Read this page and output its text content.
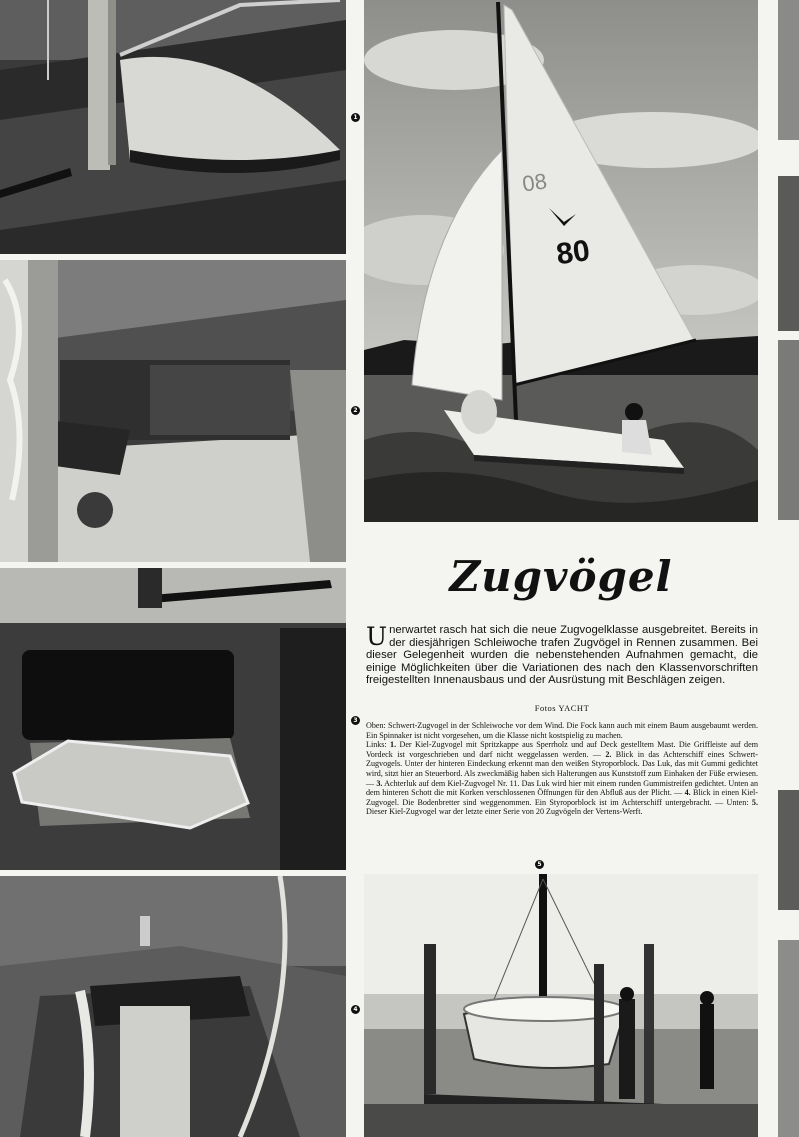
08
80
1
2
3
4
5
Zugvögel

Unerwartet rasch hat sich die neue Zugvogelklasse ausgebreitet. Bereits in der diesjährigen Schleiwoche trafen Zugvögel in Rennen zusammen. Bei dieser Gelegenheit wurden die nebenstehenden Aufnahmen gemacht, die einige Möglichkeiten über die Variationen des nach den Klassenvorschriften freigestellten Innenausbaus und der Ausrüstung mit Beschlägen zeigen.

Fotos YACHT

Oben: Schwert-Zugvogel in der Schleiwoche vor dem Wind. Die Fock kann auch mit einem Baum ausgebaumt werden. Ein Spinnaker ist nicht vorgesehen, um die Klasse nicht kostspielig zu machen.
Links: 1. Der Kiel-Zugvogel mit Spritzkappe aus Sperrholz und auf Deck gestelltem Mast. Die Griffleiste auf dem Vordeck ist vorgeschrieben und darf nicht weggelassen werden. — 2. Blick in das Achterschiff eines Schwert-Zugvogels. Unter der hinteren Eindeckung erkennt man den weißen Styroporblock. Das Luk, das mit Gummi gedichtet wird, sitzt hier an Steuerbord. Als zweckmäßig haben sich Halterungen aus Kunststoff zum Einhaken der Füße erwiesen. — 3. Achterluk auf dem Kiel-Zugvogel Nr. 11. Das Luk wird hier mit einem runden Gummistreifen gedichtet. Unten an dem hinteren Schott die mit Korken verschlossenen Öffnungen für den Abfluß aus der Plicht. — 4. Blick in einen Kiel-Zugvogel. Die Bodenbretter sind weggenommen. Ein Styroporblock ist im Achterschiff untergebracht. — Unten: 5. Dieser Kiel-Zugvogel war der letzte einer Serie von 20 Zugvögeln der Vertens-Werft.
